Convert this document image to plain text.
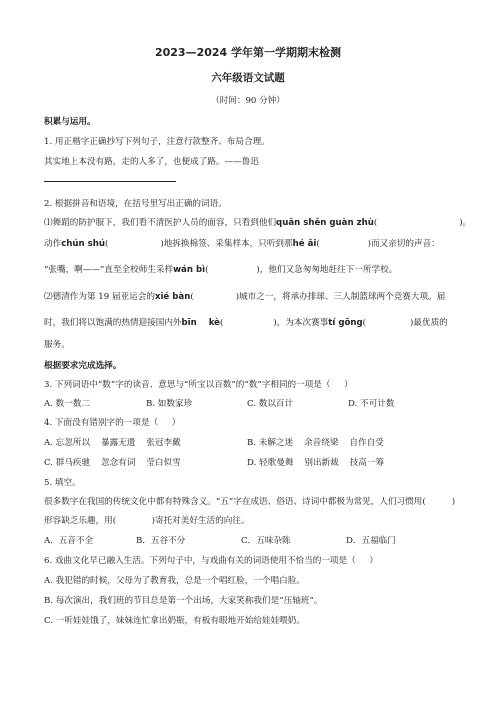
2023—2024 学年第一学期期末检测
六年级语文试题
（时间：90 分钟）
积累与运用。
1. 用正楷字正确抄写下列句子，注意行款整齐、布局合理。
其实地上本没有路，走的人多了，也便成了路。——鲁迅
2. 根据拼音和语境，在括号里写出正确的词语。
⑴舞蹈的防护服下，我们看不清医护人员的面容，只看到他们quǎn shěn guàn zhù(	)。
动作chún shú(	)地拆换棉签、采集样本，只听到那hé ǎi(	)而又亲切的声音：
“张嘴，啊——”直至全校师生采样wán bì(	)，他们又急匆匆地赶往下一所学校。
⑵德清作为第 19 届亚运会的xié bàn(	)城市之一，将承办排球、三人制篮球两个竞赛大项。届
时，我们将以饱满的热情迎接国内外bīn    kè(	)，为本次赛事tí gōng(	)最优质的
服务。
根据要求完成选择。
3. 下列词语中“数”字的读音、意思与“所宝以百数”的“数”字相同的一项是（     ）
A. 数一数二	B. 如数家珍	C. 数以百计	D. 不可计数
4. 下面没有错别字的一项是（     ）
A. 忘忽所以    暴露无遗    张冠李戴	B. 未解之迷    余音绕梁    自作自受
C. 群马疾驰    忽念有词    莹白似雪	D. 轻歌曼舞    别出新裁    技高一筹
5. 填空。
很多数字在我国的传统文化中都有特殊含义。“五”字在成语、俗语、诗词中都极为常见，人们习惯用(	)
形容缺乏乐趣，用(             )寄托对美好生活的向往。
A．五音不全	B．五谷不分	C．五味杂陈	D．五福临门
6. 戏曲文化早已融入生活。下列句子中，与戏曲有关的词语使用不恰当的一项是（     ）
A. 我犯错的时候，父母为了教育我，总是一个唱红脸，一个唱白脸。
B. 每次演出，我们班的节目总是第一个出场，大家笑称我们是“压轴班”。
C. 一听娃娃饿了，妹妹连忙拿出奶瓶，有板有眼地开始给娃娃喂奶。
